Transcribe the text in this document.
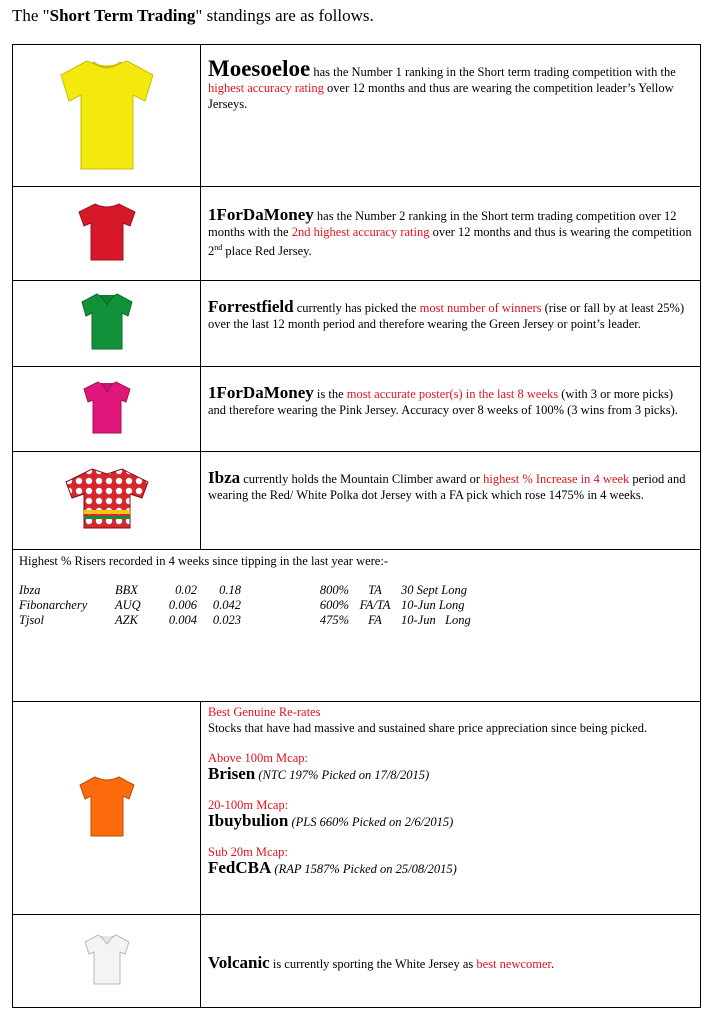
The "Short Term Trading" standings are as follows.

Moesoeloe has the Number 1 ranking in the Short term trading competition with the highest accuracy rating over 12 months and thus are wearing the competition leader’s Yellow Jerseys.

1ForDaMoney has the Number 2 ranking in the Short term trading competition over 12 months with the 2nd highest accuracy rating over 12 months and thus is wearing the competition 2nd place Red Jersey.

Forrestfield currently has picked the most number of winners (rise or fall by at least 25%) over the last 12 month period and therefore wearing the Green Jersey or point’s leader.

1ForDaMoney is the most accurate poster(s) in the last 8 weeks (with 3 or more picks) and therefore wearing the Pink Jersey. Accuracy over 8 weeks of 100% (3 wins from 3 picks).

Ibza currently holds the Mountain Climber award or highest % Increase in 4 week period and wearing the Red/ White Polka dot Jersey with a FA pick which rose 1475% in 4 weeks.

Highest % Risers recorded in 4 weeks since tipping in the last year were:-
Ibza	BBX	0.02	0.18	800%	TA	30 Sept Long
Fibonarchery	AUQ	0.006	0.042	600%	FA/TA	10-Jun Long
Tjsol	AZK	0.004	0.023	475%	FA	10-Jun   Long

Best Genuine Re-rates
Stocks that have had massive and sustained share price appreciation since being picked.
Above 100m Mcap:
Brisen (NTC 197% Picked on 17/8/2015)
20-100m Mcap:
Ibuybulion (PLS 660% Picked on 2/6/2015)
Sub 20m Mcap:
FedCBA (RAP 1587% Picked on 25/08/2015)

	Volcanic is currently sporting the White Jersey as best newcomer.
